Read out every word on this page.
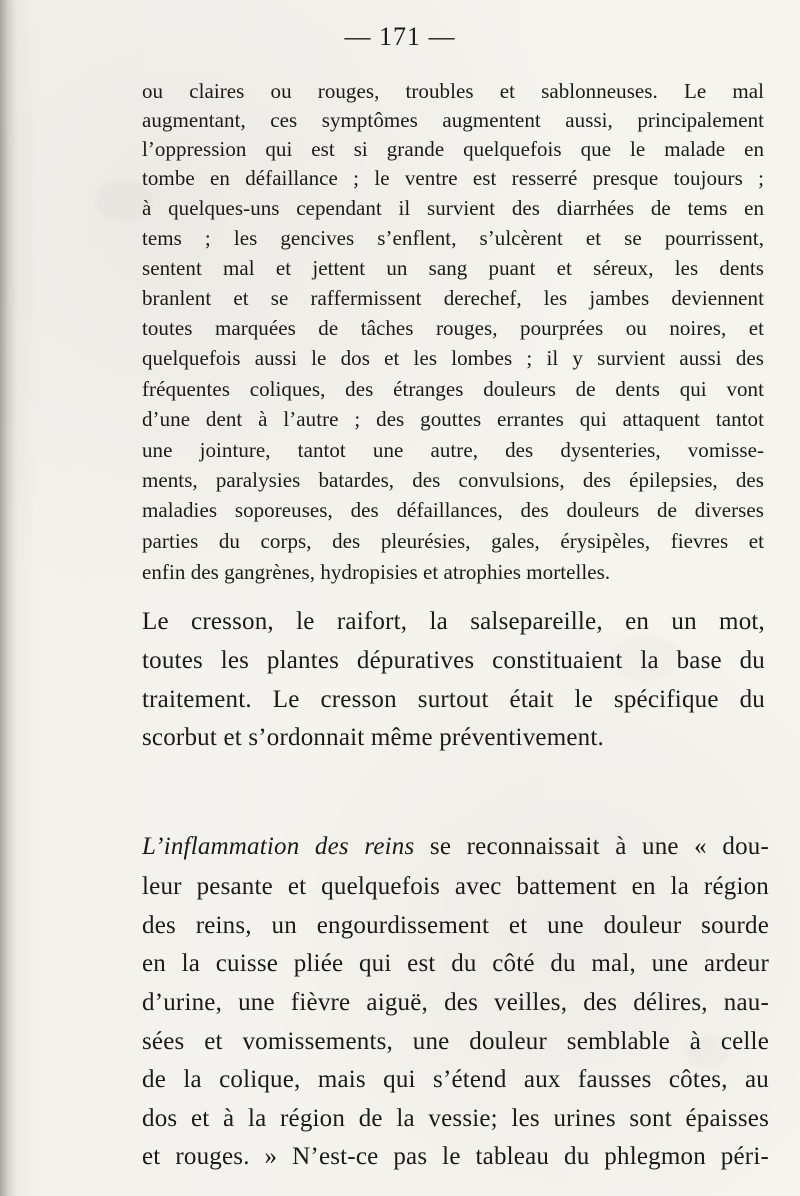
— 171 —

ou claires ou rouges, troubles et sablonneuses. Le mal

augmentant, ces symptômes augmentent aussi, principalement

l’oppression qui est si grande quelquefois que le malade en

tombe en défaillance ; le ventre est resserré presque toujours ;

à quelques-uns cependant il survient des diarrhées de tems en

tems ; les gencives s’enflent, s’ulcèrent et se pourrissent,

sentent mal et jettent un sang puant et séreux, les dents

branlent et se raffermissent derechef, les jambes deviennent

toutes marquées de tâches rouges, pourprées ou noires, et

quelquefois aussi le dos et les lombes ; il y survient aussi des

fréquentes coliques, des étranges douleurs de dents qui vont

d’une dent à l’autre ; des gouttes errantes qui attaquent tantot

une jointure, tantot une autre, des dysenteries, vomisse-

ments, paralysies batardes, des convulsions, des épilepsies, des

maladies soporeuses, des défaillances, des douleurs de diverses

parties du corps, des pleurésies, gales, érysipèles, fievres et

enfin des gangrènes, hydropisies et atrophies mortelles.

Le cresson, le raifort, la salsepareille, en un mot,

toutes les plantes dépuratives constituaient la base du

traitement. Le cresson surtout était le spécifique du

scorbut et s’ordonnait même préventivement.

L’inflammation des reins se reconnaissait à une « dou-

leur pesante et quelquefois avec battement en la région

des reins, un engourdissement et une douleur sourde

en la cuisse pliée qui est du côté du mal, une ardeur

d’urine, une fièvre aiguë, des veilles, des délires, nau-

sées et vomissements, une douleur semblable à celle

de la colique, mais qui s’étend aux fausses côtes, au

dos et à la région de la vessie; les urines sont épaisses

et rouges. » N’est-ce pas le tableau du phlegmon péri-
